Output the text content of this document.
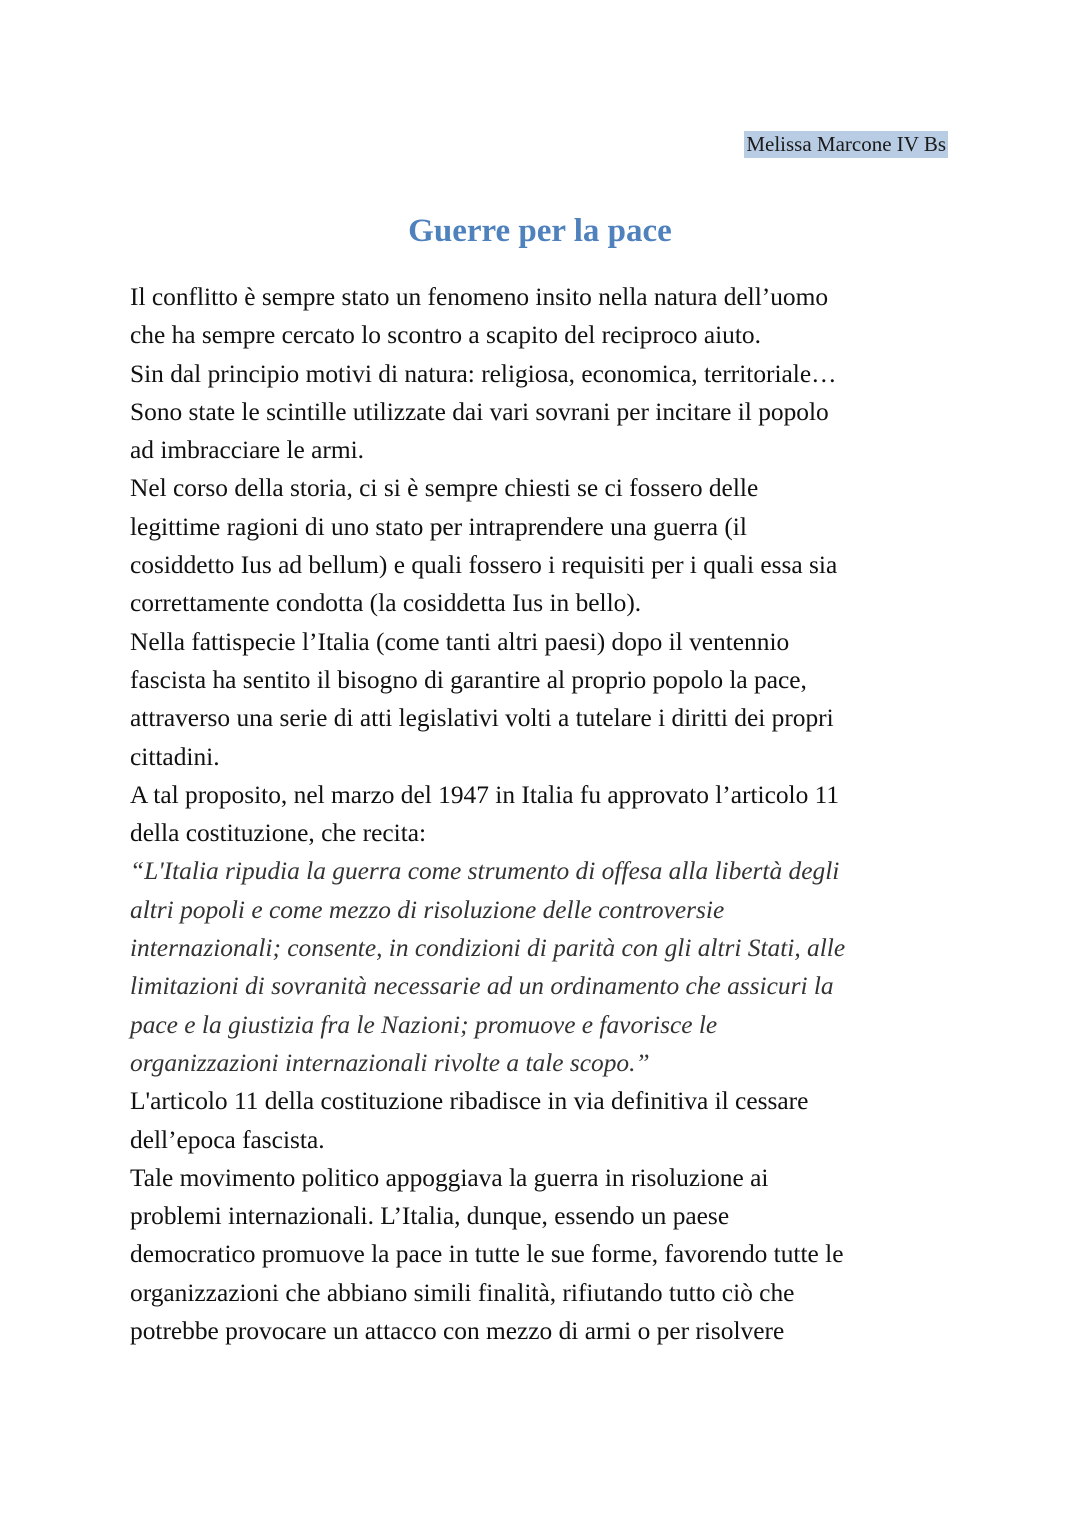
Melissa Marcone IV Bs
Guerre per la pace
Il conflitto è sempre stato un fenomeno insito nella natura dell’uomo
che ha sempre cercato lo scontro a scapito del reciproco aiuto.
Sin dal principio motivi di natura: religiosa, economica, territoriale…
Sono state le scintille utilizzate dai vari sovrani per incitare il popolo
ad imbracciare le armi.
Nel corso della storia, ci si è sempre chiesti se ci fossero delle
legittime ragioni di uno stato per intraprendere una guerra (il
cosiddetto Ius ad bellum) e quali fossero i requisiti per i quali essa sia
correttamente condotta (la cosiddetta Ius in bello).
Nella fattispecie l’Italia (come tanti altri paesi) dopo il ventennio
fascista ha sentito il bisogno di garantire al proprio popolo la pace,
attraverso una serie di atti legislativi volti a tutelare i diritti dei propri
cittadini.
A tal proposito, nel marzo del 1947 in Italia fu approvato l’articolo 11
della costituzione, che recita:
“L'Italia ripudia la guerra come strumento di offesa alla libertà degli
altri popoli e come mezzo di risoluzione delle controversie
internazionali; consente, in condizioni di parità con gli altri Stati, alle
limitazioni di sovranità necessarie ad un ordinamento che assicuri la
pace e la giustizia fra le Nazioni; promuove e favorisce le
organizzazioni internazionali rivolte a tale scopo.”
L'articolo 11 della costituzione ribadisce in via definitiva il cessare
dell’epoca fascista.
Tale movimento politico appoggiava la guerra in risoluzione ai
problemi internazionali. L’Italia, dunque, essendo un paese
democratico promuove la pace in tutte le sue forme, favorendo tutte le
organizzazioni che abbiano simili finalità, rifiutando tutto ciò che
potrebbe provocare un attacco con mezzo di armi o per risolvere
